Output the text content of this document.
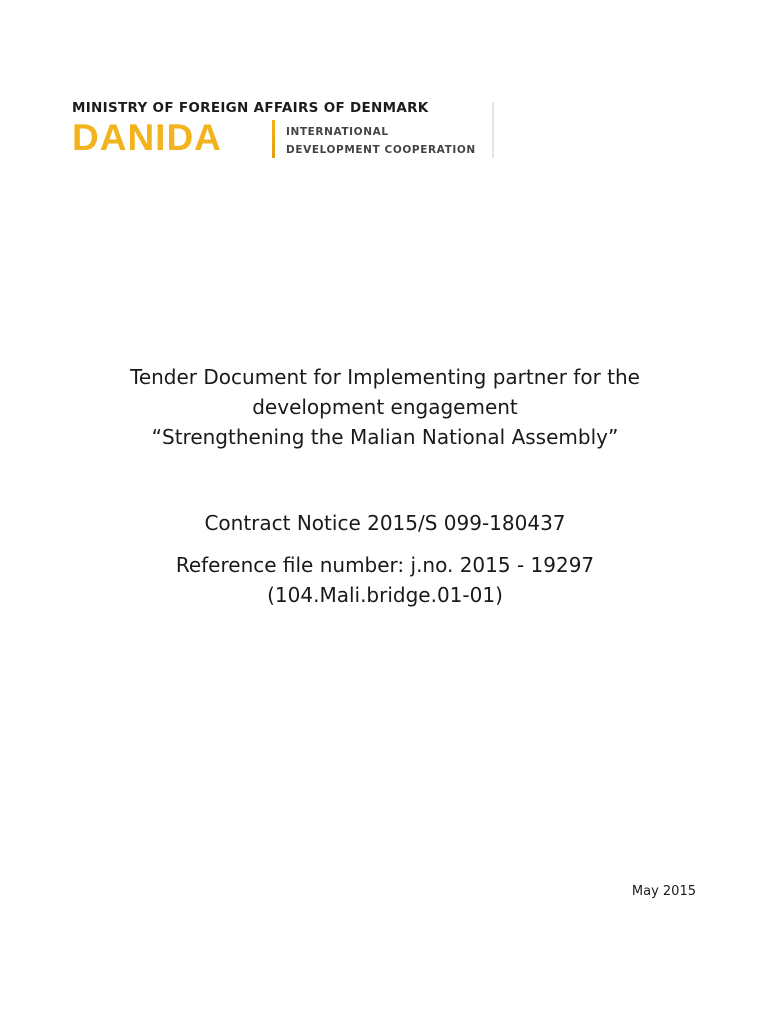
MINISTRY OF FOREIGN AFFAIRS OF DENMARK
DANIDA	INTERNATIONAL
DEVELOPMENT COOPERATION
Tender Document for Implementing partner for the
development engagement
“Strengthening the Malian National Assembly”
Contract Notice 2015/S 099-180437
Reference file number: j.no. 2015 - 19297
(104.Mali.bridge.01-01)
May 2015
